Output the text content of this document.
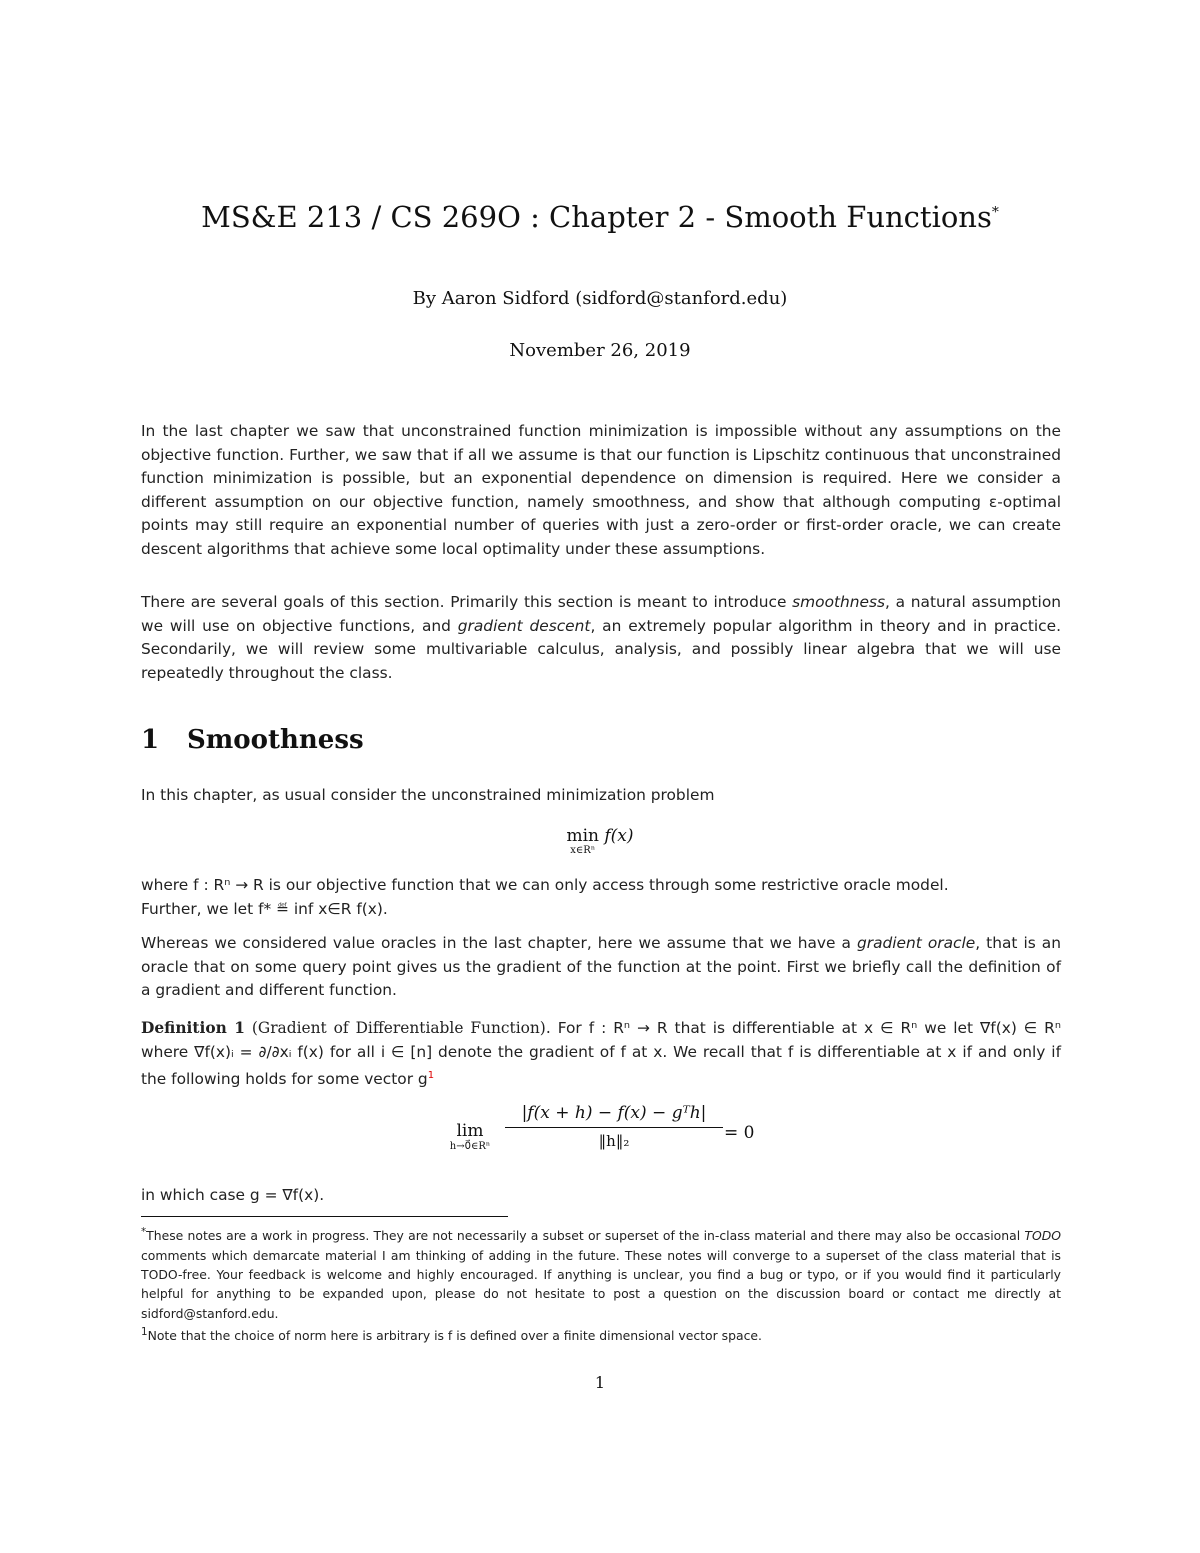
MS&E 213 / CS 269O : Chapter 2 - Smooth Functions*
By Aaron Sidford (sidford@stanford.edu)
November 26, 2019

In the last chapter we saw that unconstrained function minimization is impossible without any assumptions on the objective function. Further, we saw that if all we assume is that our function is Lipschitz continuous that unconstrained function minimization is possible, but an exponential dependence on dimension is required. Here we consider a different assumption on our objective function, namely smoothness, and show that although computing ε-optimal points may still require an exponential number of queries with just a zero-order or first-order oracle, we can create descent algorithms that achieve some local optimality under these assumptions.

There are several goals of this section. Primarily this section is meant to introduce smoothness, a natural assumption we will use on objective functions, and gradient descent, an extremely popular algorithm in theory and in practice. Secondarily, we will review some multivariable calculus, analysis, and possibly linear algebra that we will use repeatedly throughout the class.

1 Smoothness

In this chapter, as usual consider the unconstrained minimization problem

min
x∈Rⁿ
f(x)

where f : Rⁿ → R is our objective function that we can only access through some restrictive oracle model.

Further, we let f* ≝ inf x∈R f(x).

Whereas we considered value oracles in the last chapter, here we assume that we have a gradient oracle, that is an oracle that on some query point gives us the gradient of the function at the point. First we briefly call the definition of a gradient and different function.

Definition 1 (Gradient of Differentiable Function). For f : Rⁿ → R that is differentiable at x ∈ Rⁿ we let ∇f(x) ∈ Rⁿ where ∇f(x)ᵢ = ∂/∂xᵢ f(x) for all i ∈ [n] denote the gradient of f at x. We recall that f is differentiable at x if and only if the following holds for some vector g$^1$

lim
h→0⃗∈Rⁿ
|f(x + h) − f(x) − gᵀh|
‖h‖₂	= 0

in which case g = ∇f(x).

*These notes are a work in progress. They are not necessarily a subset or superset of the in-class material and there may also be occasional TODO comments which demarcate material I am thinking of adding in the future. These notes will converge to a superset of the class material that is TODO-free. Your feedback is welcome and highly encouraged. If anything is unclear, you find a bug or typo, or if you would find it particularly helpful for anything to be expanded upon, please do not hesitate to post a question on the discussion board or contact me directly at sidford@stanford.edu.

$^1$Note that the choice of norm here is arbitrary is f is defined over a finite dimensional vector space.

1
